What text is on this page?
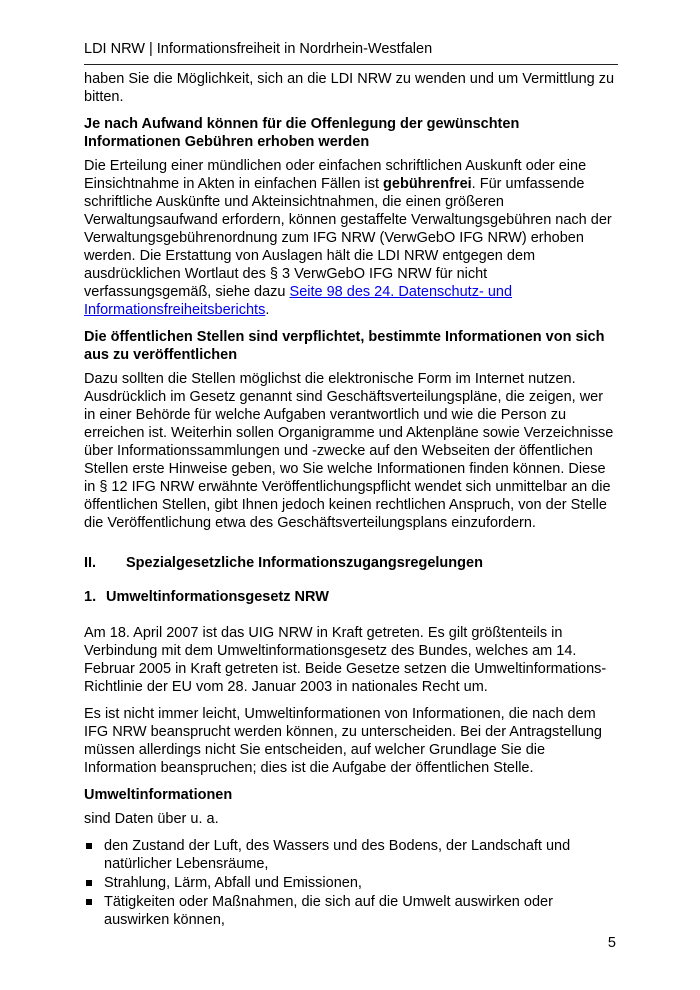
LDI NRW | Informationsfreiheit in Nordrhein-Westfalen

haben Sie die Möglichkeit, sich an die LDI NRW zu wenden und um Vermittlung zu bitten.

Je nach Aufwand können für die Offenlegung der gewünschten Informationen Gebühren erhoben werden

Die Erteilung einer mündlichen oder einfachen schriftlichen Auskunft oder eine Einsichtnahme in Akten in einfachen Fällen ist gebührenfrei. Für umfassende schriftliche Auskünfte und Akteinsichtnahmen, die einen größeren Verwaltungsaufwand erfordern, können gestaffelte Verwaltungsgebühren nach der Verwaltungsgebührenordnung zum IFG NRW (VerwGebO IFG NRW) erhoben werden. Die Erstattung von Auslagen hält die LDI NRW entgegen dem ausdrücklichen Wortlaut des § 3 VerwGebO IFG NRW für nicht verfassungsgemäß, siehe dazu Seite 98 des 24. Datenschutz- und Informationsfreiheitsberichts.

Die öffentlichen Stellen sind verpflichtet, bestimmte Informationen von sich aus zu veröffentlichen

Dazu sollten die Stellen möglichst die elektronische Form im Internet nutzen. Ausdrücklich im Gesetz genannt sind Geschäftsverteilungspläne, die zeigen, wer in einer Behörde für welche Aufgaben verantwortlich und wie die Person zu erreichen ist. Weiterhin sollen Organigramme und Aktenpläne sowie Verzeichnisse über Informationssammlungen und -zwecke auf den Webseiten der öffentlichen Stellen erste Hinweise geben, wo Sie welche Informationen finden können. Diese in § 12 IFG NRW erwähnte Veröffentlichungspflicht wendet sich unmittelbar an die öffentlichen Stellen, gibt Ihnen jedoch keinen rechtlichen Anspruch, von der Stelle die Veröffentlichung etwa des Geschäftsverteilungsplans einzufordern.

II.	Spezialgesetzliche Informationszugangsregelungen
1. Umweltinformationsgesetz NRW

Am 18. April 2007 ist das UIG NRW in Kraft getreten. Es gilt größtenteils in Verbindung mit dem Umweltinformationsgesetz des Bundes, welches am 14. Februar 2005 in Kraft getreten ist. Beide Gesetze setzen die Umweltinformations-Richtlinie der EU vom 28. Januar 2003 in nationales Recht um.

Es ist nicht immer leicht, Umweltinformationen von Informationen, die nach dem IFG NRW beansprucht werden können, zu unterscheiden. Bei der Antragstellung müssen allerdings nicht Sie entscheiden, auf welcher Grundlage Sie die Information beanspruchen; dies ist die Aufgabe der öffentlichen Stelle.

Umweltinformationen

sind Daten über u. a.

den Zustand der Luft, des Wassers und des Bodens, der Landschaft und natürlicher Lebensräume,
Strahlung, Lärm, Abfall und Emissionen,
Tätigkeiten oder Maßnahmen, die sich auf die Umwelt auswirken oder auswirken können,
5
